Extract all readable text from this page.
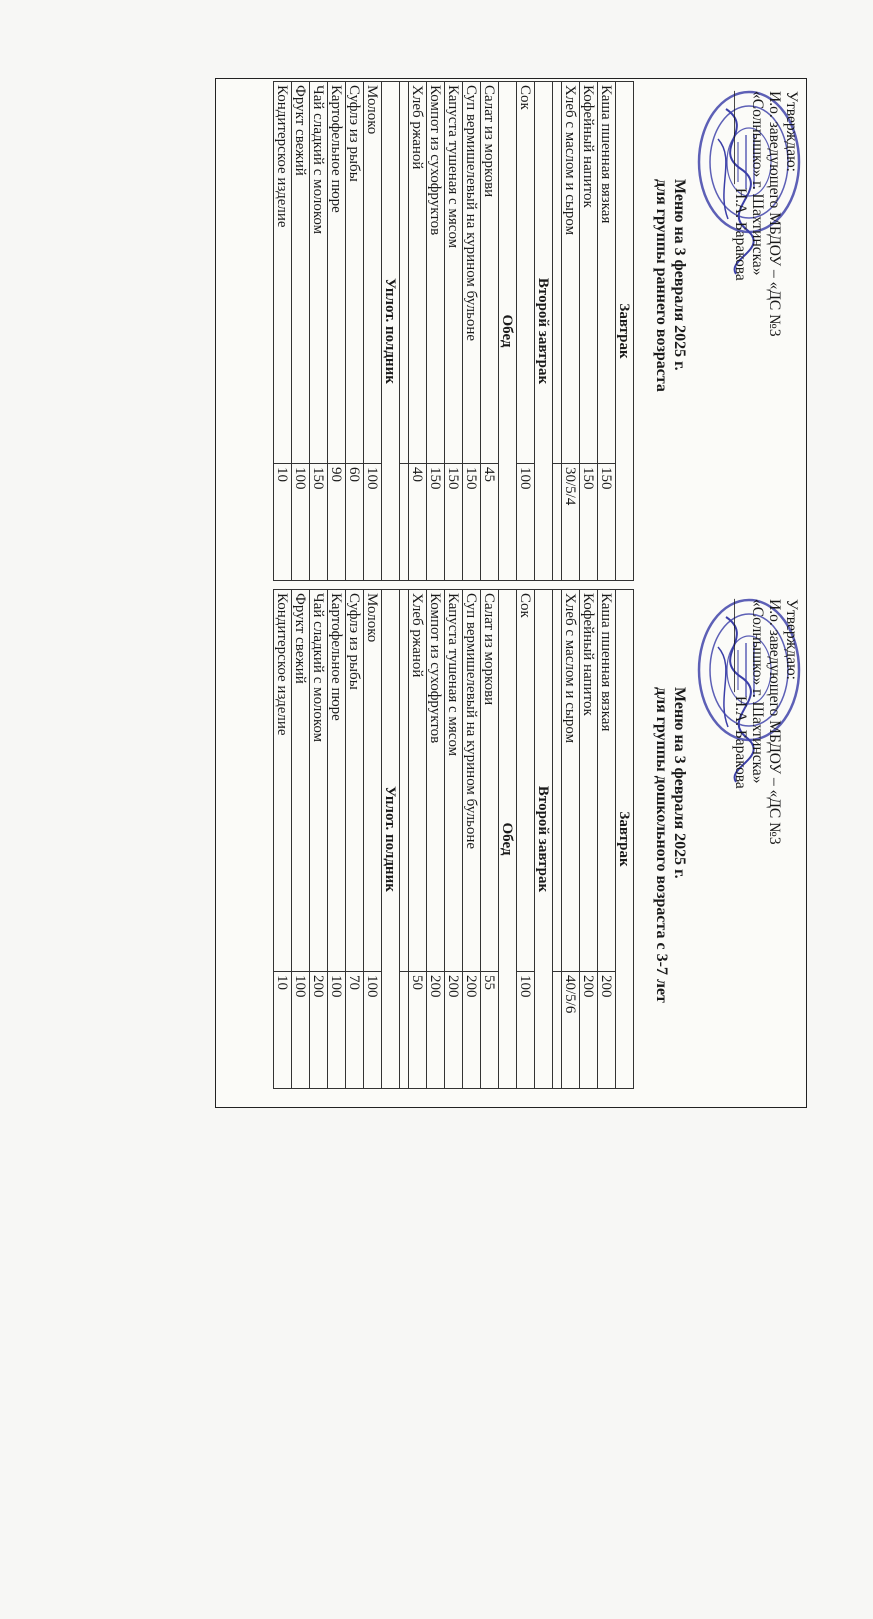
Утверждаю:
И.о. заведующего МБДОУ – «ДС №3
«Солнышко» г. Шахтинска»
____________ Н.А. Баракова
Меню на 3 февраля 2025 г.
для группы раннего возраста
Завтрак	
Каша пшенная вязкая	150
Кофейный напиток	150
Хлеб с маслом и сыром	30/5/4

Второй завтрак	
Сок	100
Обед	
Салат из моркови	45
Суп вермишелевый на курином бульоне	150
Капуста тушеная с мясом	150
Компот из сухофруктов	150
Хлеб ржаной	40

Уплот. полдник	
Молоко	100
Суфлэ из рыбы	60
Картофельное пюре	90
Чай сладкий с молоком	150
Фрукт свежий	100
Кондитерское изделие	10
Утверждаю:
И.о. заведующего МБДОУ – «ДС №3
«Солнышко» г. Шахтинска»
____________ Н.А. Баракова
Меню на 3 февраля 2025 г.
для группы дошкольного возраста с 3-7 лет
Завтрак	
Каша пшенная вязкая	200
Кофейный напиток	200
Хлеб с маслом и сыром	40/5/6

Второй завтрак	
Сок	100
Обед	
Салат из моркови	55
Суп вермишелевый на курином бульоне	200
Капуста тушеная с мясом	200
Компот из сухофруктов	200
Хлеб ржаной	50

Уплот. полдник	
Молоко	100
Суфлэ из рыбы	70
Картофельное пюре	100
Чай сладкий с молоком	200
Фрукт свежий	100
Кондитерское изделие	10
